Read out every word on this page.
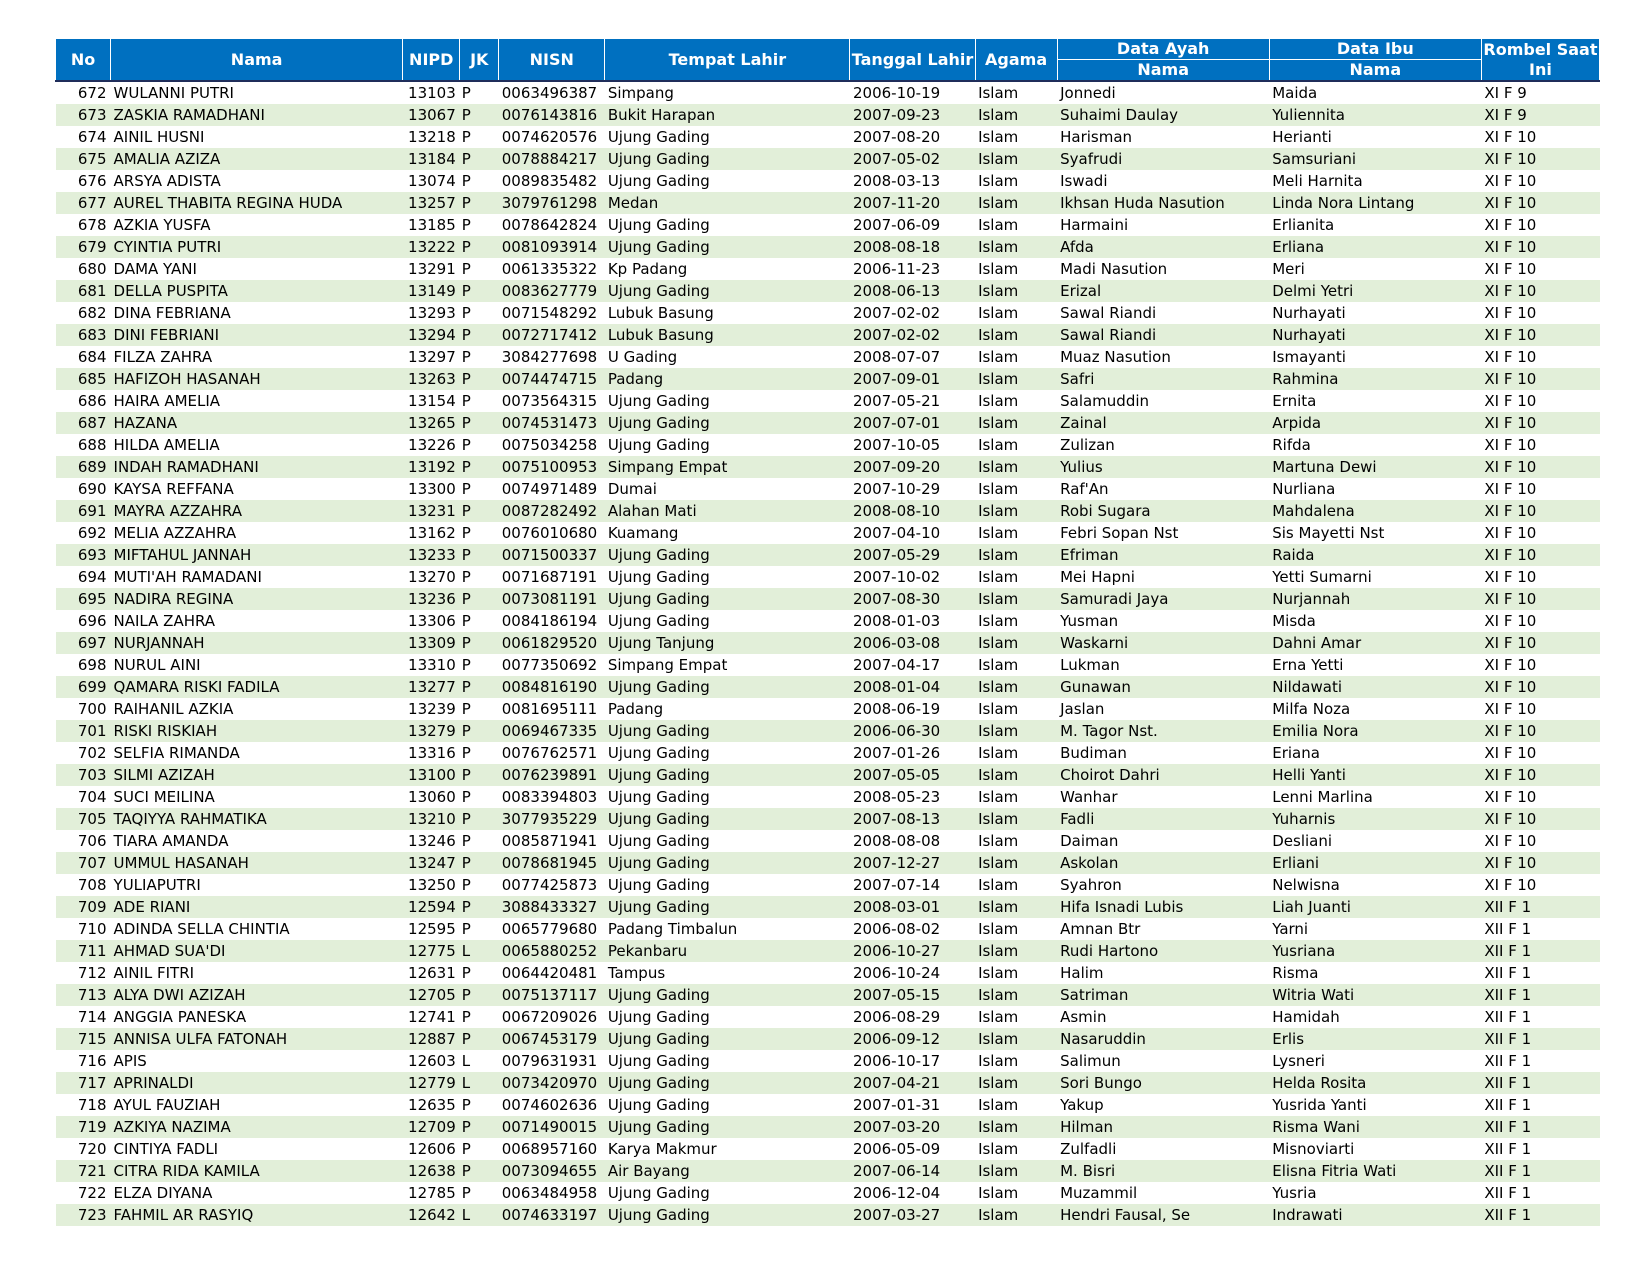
No	Nama	NIPD	JK	NISN	Tempat Lahir	Tanggal Lahir	Agama	Data Ayah	Data Ibu	Rombel Saat Ini
								Nama	Nama	
672	WULANNI PUTRI	13103	P	0063496387	Simpang	2006-10-19	Islam	Jonnedi	Maida	XI F 9
673	ZASKIA RAMADHANI	13067	P	0076143816	Bukit Harapan	2007-09-23	Islam	Suhaimi Daulay	Yuliennita	XI F 9
674	AINIL HUSNI	13218	P	0074620576	Ujung Gading	2007-08-20	Islam	Harisman	Herianti	XI F 10
675	AMALIA AZIZA	13184	P	0078884217	Ujung Gading	2007-05-02	Islam	Syafrudi	Samsuriani	XI F 10
676	ARSYA ADISTA	13074	P	0089835482	Ujung Gading	2008-03-13	Islam	Iswadi	Meli Harnita	XI F 10
677	AUREL THABITA REGINA HUDA	13257	P	3079761298	Medan	2007-11-20	Islam	Ikhsan Huda Nasution	Linda Nora Lintang	XI F 10
678	AZKIA YUSFA	13185	P	0078642824	Ujung Gading	2007-06-09	Islam	Harmaini	Erlianita	XI F 10
679	CYINTIA PUTRI	13222	P	0081093914	Ujung Gading	2008-08-18	Islam	Afda	Erliana	XI F 10
680	DAMA YANI	13291	P	0061335322	Kp Padang	2006-11-23	Islam	Madi Nasution	Meri	XI F 10
681	DELLA PUSPITA	13149	P	0083627779	Ujung Gading	2008-06-13	Islam	Erizal	Delmi Yetri	XI F 10
682	DINA FEBRIANA	13293	P	0071548292	Lubuk Basung	2007-02-02	Islam	Sawal Riandi	Nurhayati	XI F 10
683	DINI FEBRIANI	13294	P	0072717412	Lubuk Basung	2007-02-02	Islam	Sawal Riandi	Nurhayati	XI F 10
684	FILZA ZAHRA	13297	P	3084277698	U Gading	2008-07-07	Islam	Muaz Nasution	Ismayanti	XI F 10
685	HAFIZOH HASANAH	13263	P	0074474715	Padang	2007-09-01	Islam	Safri	Rahmina	XI F 10
686	HAIRA AMELIA	13154	P	0073564315	Ujung Gading	2007-05-21	Islam	Salamuddin	Ernita	XI F 10
687	HAZANA	13265	P	0074531473	Ujung Gading	2007-07-01	Islam	Zainal	Arpida	XI F 10
688	HILDA AMELIA	13226	P	0075034258	Ujung Gading	2007-10-05	Islam	Zulizan	Rifda	XI F 10
689	INDAH RAMADHANI	13192	P	0075100953	Simpang Empat	2007-09-20	Islam	Yulius	Martuna Dewi	XI F 10
690	KAYSA REFFANA	13300	P	0074971489	Dumai	2007-10-29	Islam	Raf'An	Nurliana	XI F 10
691	MAYRA AZZAHRA	13231	P	0087282492	Alahan Mati	2008-08-10	Islam	Robi Sugara	Mahdalena	XI F 10
692	MELIA AZZAHRA	13162	P	0076010680	Kuamang	2007-04-10	Islam	Febri Sopan Nst	Sis Mayetti Nst	XI F 10
693	MIFTAHUL JANNAH	13233	P	0071500337	Ujung Gading	2007-05-29	Islam	Efriman	Raida	XI F 10
694	MUTI'AH RAMADANI	13270	P	0071687191	Ujung Gading	2007-10-02	Islam	Mei Hapni	Yetti Sumarni	XI F 10
695	NADIRA REGINA	13236	P	0073081191	Ujung Gading	2007-08-30	Islam	Samuradi Jaya	Nurjannah	XI F 10
696	NAILA ZAHRA	13306	P	0084186194	Ujung Gading	2008-01-03	Islam	Yusman	Misda	XI F 10
697	NURJANNAH	13309	P	0061829520	Ujung Tanjung	2006-03-08	Islam	Waskarni	Dahni Amar	XI F 10
698	NURUL AINI	13310	P	0077350692	Simpang Empat	2007-04-17	Islam	Lukman	Erna Yetti	XI F 10
699	QAMARA RISKI FADILA	13277	P	0084816190	Ujung Gading	2008-01-04	Islam	Gunawan	Nildawati	XI F 10
700	RAIHANIL AZKIA	13239	P	0081695111	Padang	2008-06-19	Islam	Jaslan	Milfa Noza	XI F 10
701	RISKI RISKIAH	13279	P	0069467335	Ujung Gading	2006-06-30	Islam	M. Tagor Nst.	Emilia Nora	XI F 10
702	SELFIA RIMANDA	13316	P	0076762571	Ujung Gading	2007-01-26	Islam	Budiman	Eriana	XI F 10
703	SILMI AZIZAH	13100	P	0076239891	Ujung Gading	2007-05-05	Islam	Choirot Dahri	Helli Yanti	XI F 10
704	SUCI MEILINA	13060	P	0083394803	Ujung Gading	2008-05-23	Islam	Wanhar	Lenni Marlina	XI F 10
705	TAQIYYA RAHMATIKA	13210	P	3077935229	Ujung Gading	2007-08-13	Islam	Fadli	Yuharnis	XI F 10
706	TIARA AMANDA	13246	P	0085871941	Ujung Gading	2008-08-08	Islam	Daiman	Desliani	XI F 10
707	UMMUL HASANAH	13247	P	0078681945	Ujung Gading	2007-12-27	Islam	Askolan	Erliani	XI F 10
708	YULIAPUTRI	13250	P	0077425873	Ujung Gading	2007-07-14	Islam	Syahron	Nelwisna	XI F 10
709	ADE RIANI	12594	P	3088433327	Ujung Gading	2008-03-01	Islam	Hifa Isnadi Lubis	Liah Juanti	XII F 1
710	ADINDA SELLA CHINTIA	12595	P	0065779680	Padang Timbalun	2006-08-02	Islam	Amnan Btr	Yarni	XII F 1
711	AHMAD SUA'DI	12775	L	0065880252	Pekanbaru	2006-10-27	Islam	Rudi Hartono	Yusriana	XII F 1
712	AINIL FITRI	12631	P	0064420481	Tampus	2006-10-24	Islam	Halim	Risma	XII F 1
713	ALYA DWI AZIZAH	12705	P	0075137117	Ujung Gading	2007-05-15	Islam	Satriman	Witria Wati	XII F 1
714	ANGGIA PANESKA	12741	P	0067209026	Ujung Gading	2006-08-29	Islam	Asmin	Hamidah	XII F 1
715	ANNISA ULFA FATONAH	12887	P	0067453179	Ujung Gading	2006-09-12	Islam	Nasaruddin	Erlis	XII F 1
716	APIS	12603	L	0079631931	Ujung Gading	2006-10-17	Islam	Salimun	Lysneri	XII F 1
717	APRINALDI	12779	L	0073420970	Ujung Gading	2007-04-21	Islam	Sori Bungo	Helda Rosita	XII F 1
718	AYUL FAUZIAH	12635	P	0074602636	Ujung Gading	2007-01-31	Islam	Yakup	Yusrida Yanti	XII F 1
719	AZKIYA NAZIMA	12709	P	0071490015	Ujung Gading	2007-03-20	Islam	Hilman	Risma Wani	XII F 1
720	CINTIYA FADLI	12606	P	0068957160	Karya Makmur	2006-05-09	Islam	Zulfadli	Misnoviarti	XII F 1
721	CITRA RIDA KAMILA	12638	P	0073094655	Air Bayang	2007-06-14	Islam	M. Bisri	Elisna Fitria Wati	XII F 1
722	ELZA DIYANA	12785	P	0063484958	Ujung Gading	2006-12-04	Islam	Muzammil	Yusria	XII F 1
723	FAHMIL AR RASYIQ	12642	L	0074633197	Ujung Gading	2007-03-27	Islam	Hendri Fausal, Se	Indrawati	XII F 1
